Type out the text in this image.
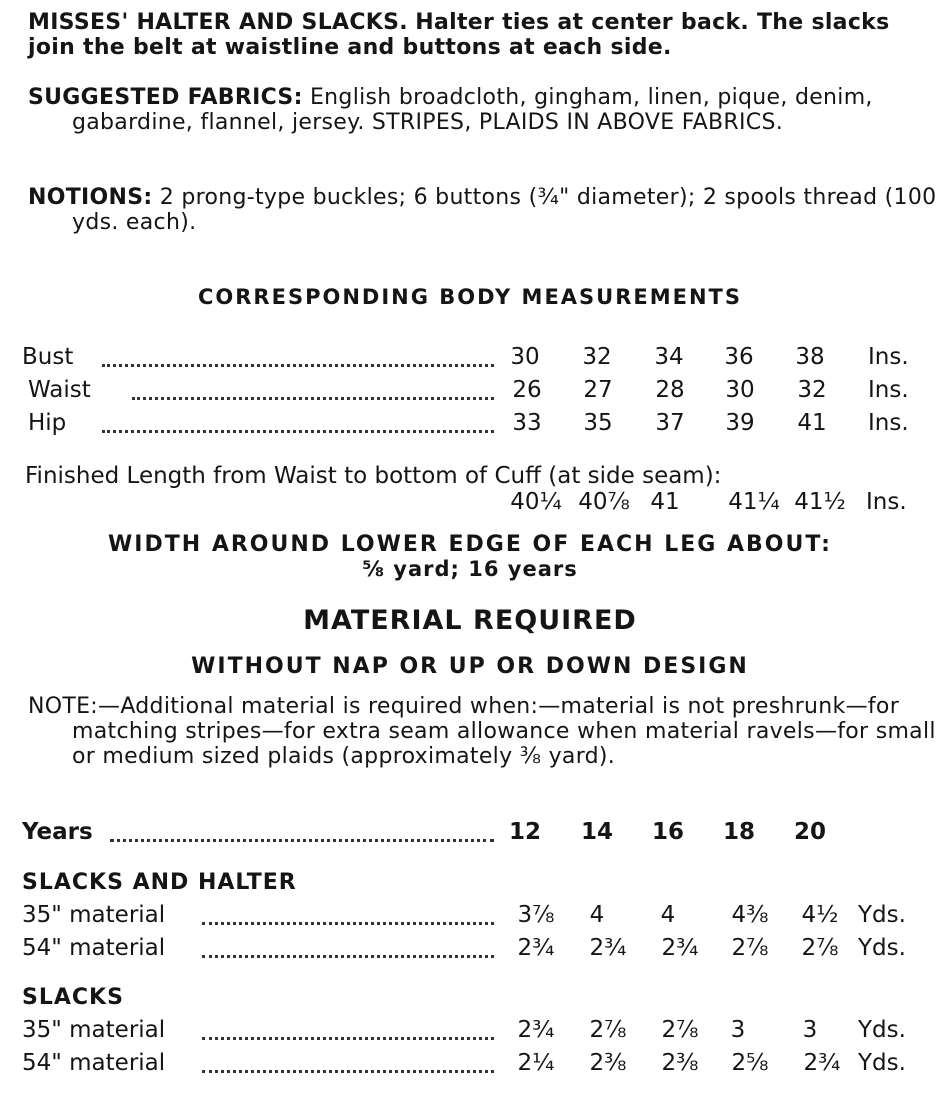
MISSES' HALTER AND SLACKS. Halter ties at center back. The slacks join the belt at waistline and buttons at each side.
SUGGESTED FABRICS: English broadcloth, gingham, linen, pique, denim, gabardine, flannel, jersey. STRIPES, PLAIDS IN ABOVE FABRICS.
NOTIONS: 2 prong-type buckles; 6 buttons (¾" diameter); 2 spools thread (100 yds. each).
CORRESPONDING BODY MEASUREMENTS
Bust	30	32	34	36	38	Ins.
Waist	26	27	28	30	32	Ins.
Hip	33	35	37	39	41	Ins.
Finished Length from Waist to bottom of Cuff (at side seam):
40¼ 40⅞ 41	41¼ 41½ Ins.
WIDTH AROUND LOWER EDGE OF EACH LEG ABOUT:
⅝ yard; 16 years
MATERIAL REQUIRED
WITHOUT NAP OR UP OR DOWN DESIGN
NOTE:—Additional material is required when:—material is not preshrunk—for matching stripes—for extra seam allowance when material ravels—for small or medium sized plaids (approximately ⅜ yard).
Years	12	14	16	18	20
SLACKS AND HALTER
35" material	3⅞	4	4	4⅜	4½ Yds.
54" material	2¾	2¾	2¾	2⅞	2⅞ Yds.
SLACKS
35" material	2¾	2⅞	2⅞	3	3	Yds.
54" material	2¼	2⅜	2⅜	2⅝	2¾ Yds.
